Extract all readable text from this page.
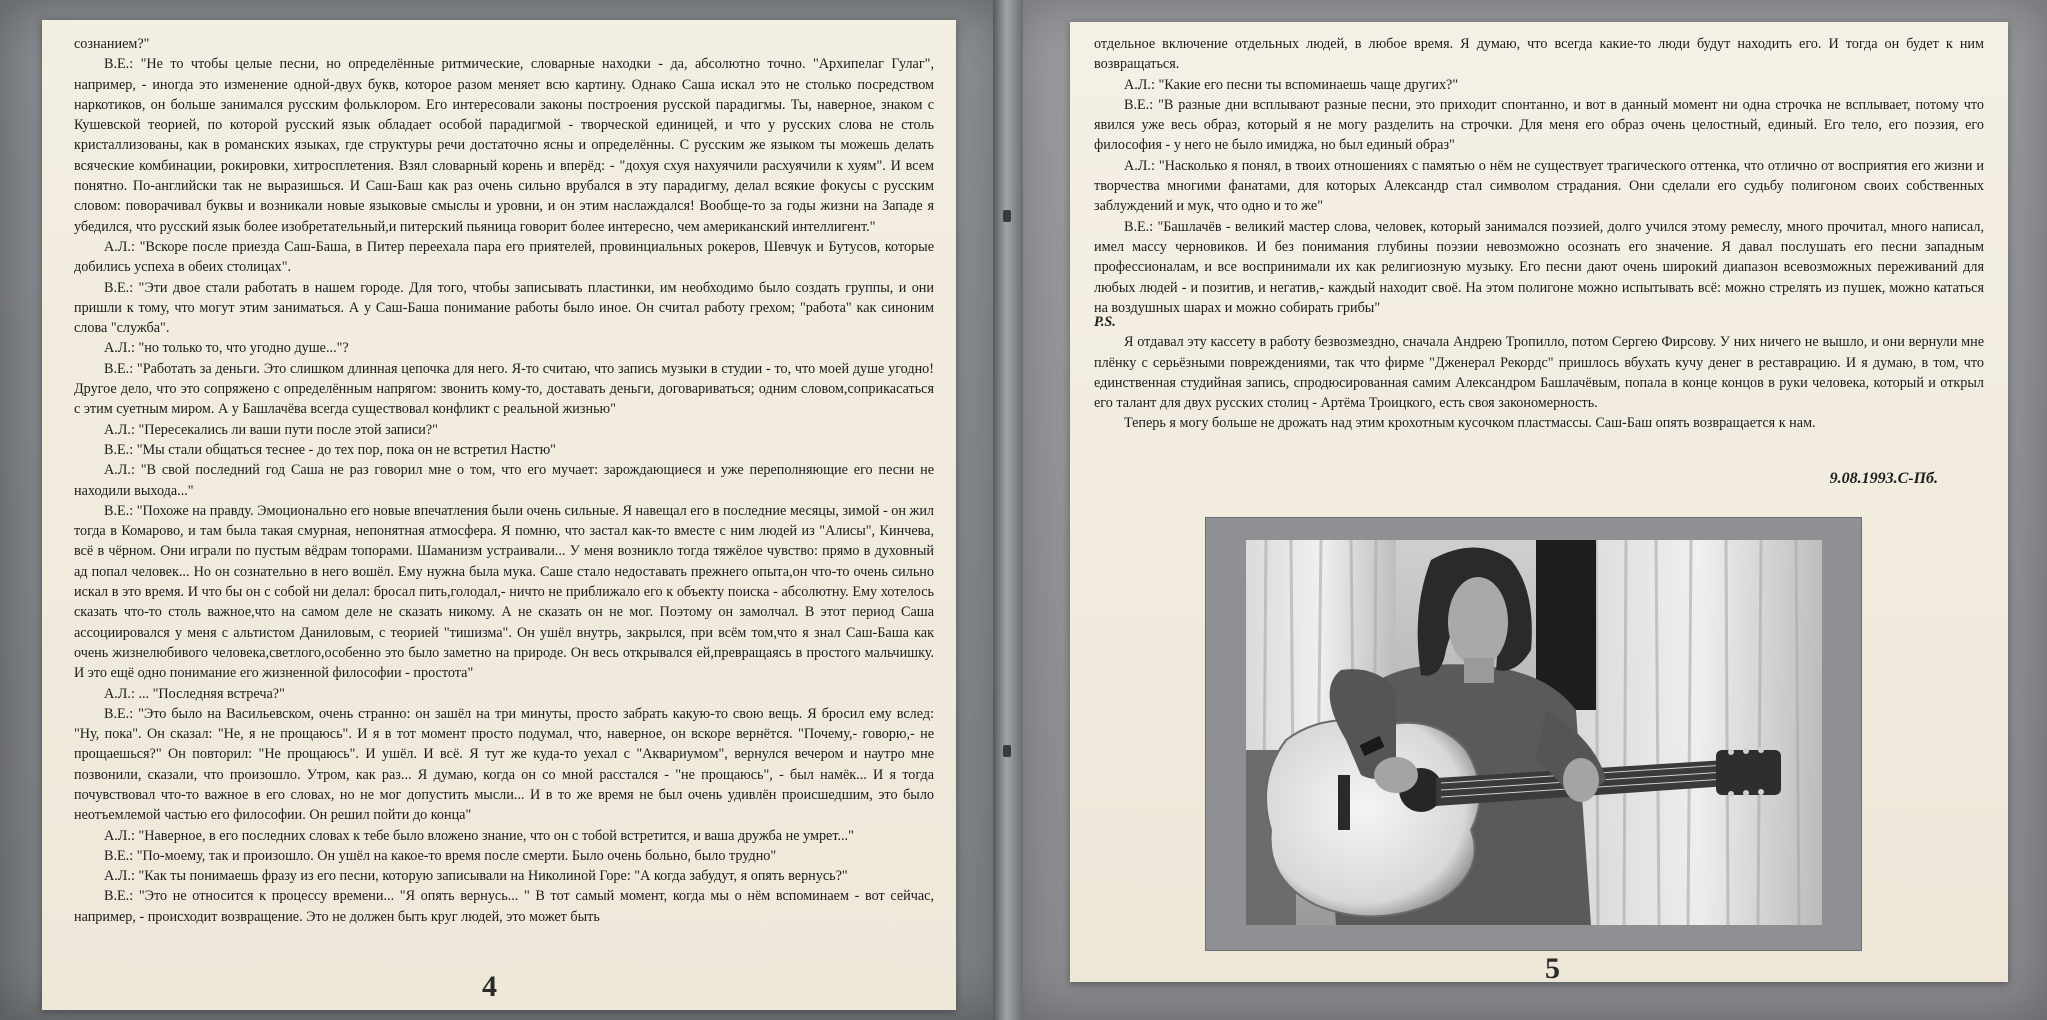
сознанием?"

В.Е.: "Не то чтобы целые песни, но определённые ритмические, словарные находки - да, абсолютно точно. "Архипелаг Гулаг", например, - иногда это изменение одной-двух букв, которое разом меняет всю картину. Однако Саша искал это не столько посредством наркотиков, он больше занимался русским фольклором. Его интересовали законы построения русской парадигмы. Ты, наверное, знаком с Кушевской теорией, по которой русский язык обладает особой парадигмой - творческой единицей, и что у русских слова не столь кристаллизованы, как в романских языках, где структуры речи достаточно ясны и определённы. С русским же языком ты можешь делать всяческие комбинации, рокировки, хитросплетения. Взял словарный корень и вперёд: - "дохуя схуя нахуячили расхуячили к хуям". И всем понятно. По-английски так не выразишься. И Саш-Баш как раз очень сильно врубался в эту парадигму, делал всякие фокусы с русским словом: поворачивал буквы и возникали новые языковые смыслы и уровни, и он этим наслаждался! Вообще-то за годы жизни на Западе я убедился, что русский язык более изобретательный,и питерский пьяница говорит более интересно, чем американский интеллигент."

А.Л.: "Вскоре после приезда Саш-Баша, в Питер переехала пара его приятелей, провинциальных рокеров, Шевчук и Бутусов, которые добились успеха в обеих столицах".

В.Е.: "Эти двое стали работать в нашем городе. Для того, чтобы записывать пластинки, им необходимо было создать группы, и они пришли к тому, что могут этим заниматься. А у Саш-Баша понимание работы было иное. Он считал работу грехом; "работа" как синоним слова "служба".

А.Л.: "но только то, что угодно душе..."?

В.Е.: "Работать за деньги. Это слишком длинная цепочка для него. Я-то считаю, что запись музыки в студии - то, что моей душе угодно! Другое дело, что это сопряжено с определённым напрягом: звонить кому-то, доставать деньги, договариваться; одним словом,соприкасаться с этим суетным миром. А у Башлачёва всегда существовал конфликт с реальной жизнью"

А.Л.: "Пересекались ли ваши пути после этой записи?"

В.Е.: "Мы стали общаться теснее - до тех пор, пока он не встретил Настю"

А.Л.: "В свой последний год Саша не раз говорил мне о том, что его мучает: зарождающиеся и уже переполняющие его песни не находили выхода..."

В.Е.: "Похоже на правду. Эмоционально его новые впечатления были очень сильные. Я навещал его в последние месяцы, зимой - он жил тогда в Комарово, и там была такая смурная, непонятная атмосфера. Я помню, что застал как-то вместе с ним людей из "Алисы", Кинчева, всё в чёрном. Они играли по пустым вёдрам топорами. Шаманизм устраивали... У меня возникло тогда тяжёлое чувство: прямо в духовный ад попал человек... Но он сознательно в него вошёл. Ему нужна была мука. Саше стало недоставать прежнего опыта,он что-то очень сильно искал в это время. И что бы он с собой ни делал: бросал пить,голодал,- ничто не приближало его к объекту поиска - абсолютну. Ему хотелось сказать что-то столь важное,что на самом деле не сказать никому. А не сказать он не мог. Поэтому он замолчал. В этот период Саша ассоциировался у меня с альтистом Даниловым, с теорией "тишизма". Он ушёл внутрь, закрылся, при всём том,что я знал Саш-Баша как очень жизнелюбивого человека,светлого,особенно это было заметно на природе. Он весь открывался ей,превращаясь в простого мальчишку. И это ещё одно понимание его жизненной философии - простота"

А.Л.: ... "Последняя встреча?"

В.Е.: "Это было на Васильевском, очень странно: он зашёл на три минуты, просто забрать какую-то свою вещь. Я бросил ему вслед: "Ну, пока". Он сказал: "Не, я не прощаюсь". И я в тот момент просто подумал, что, наверное, он вскоре вернётся. "Почему,- говорю,- не прощаешься?" Он повторил: "Не прощаюсь". И ушёл. И всё. Я тут же куда-то уехал с "Аквариумом", вернулся вечером и наутро мне позвонили, сказали, что произошло. Утром, как раз... Я думаю, когда он со мной расстался - "не прощаюсь", - был намёк... И я тогда почувствовал что-то важное в его словах, но не мог допустить мысли... И в то же время не был очень удивлён происшедшим, это было неотъемлемой частью его философии. Он решил пойти до конца"

А.Л.: "Наверное, в его последних словах к тебе было вложено знание, что он с тобой встретится, и ваша дружба не умрет..."

В.Е.: "По-моему, так и произошло. Он ушёл на какое-то время после смерти. Было очень больно, было трудно"

А.Л.: "Как ты понимаешь фразу из его песни, которую записывали на Николиной Горе: "А когда забудут, я опять вернусь?"

В.Е.: "Это не относится к процессу времени... "Я опять вернусь... " В тот самый момент, когда мы о нём вспоминаем - вот сейчас, например, - происходит возвращение. Это не должен быть круг людей, это может быть

4

отдельное включение отдельных людей, в любое время. Я думаю, что всегда какие-то люди будут находить его. И тогда он будет к ним возвращаться.

А.Л.: "Какие его песни ты вспоминаешь чаще других?"

В.Е.: "В разные дни всплывают разные песни, это приходит спонтанно, и вот в данный момент ни одна строчка не всплывает, потому что явился уже весь образ, который я не могу разделить на строчки. Для меня его образ очень целостный, единый. Его тело, его поэзия, его философия - у него не было имиджа, но был единый образ"

А.Л.: "Насколько я понял, в твоих отношениях с памятью о нём не существует трагического оттенка, что отлично от восприятия его жизни и творчества многими фанатами, для которых Александр стал символом страдания. Они сделали его судьбу полигоном своих собственных заблуждений и мук, что одно и то же"

В.Е.: "Башлачёв - великий мастер слова, человек, который занимался поэзией, долго учился этому ремеслу, много прочитал, много написал, имел массу черновиков. И без понимания глубины поэзии невозможно осознать его значение. Я давал послушать его песни западным профессионалам, и все воспринимали их как религиозную музыку. Его песни дают очень широкий диапазон всевозможных переживаний для любых людей - и позитив, и негатив,- каждый находит своё. На этом полигоне можно испытывать всё: можно стрелять из пушек, можно кататься на воздушных шарах и можно собирать грибы"

P.S.

Я отдавал эту кассету в работу безвозмездно, сначала Андрею Тропилло, потом Сергею Фирсову. У них ничего не вышло, и они вернули мне плёнку с серьёзными повреждениями, так что фирме "Дженерал Рекордс" пришлось вбухать кучу денег в реставрацию. И я думаю, в том, что единственная студийная запись, спродюсированная самим Александром Башлачёвым, попала в конце концов в руки человека, который и открыл его талант для двух русских столиц - Артёма Троицкого, есть своя закономерность.

Теперь я могу больше не дрожать над этим крохотным кусочком пластмассы. Саш-Баш опять возвращается к нам.

9.08.1993.С-Пб.
5
